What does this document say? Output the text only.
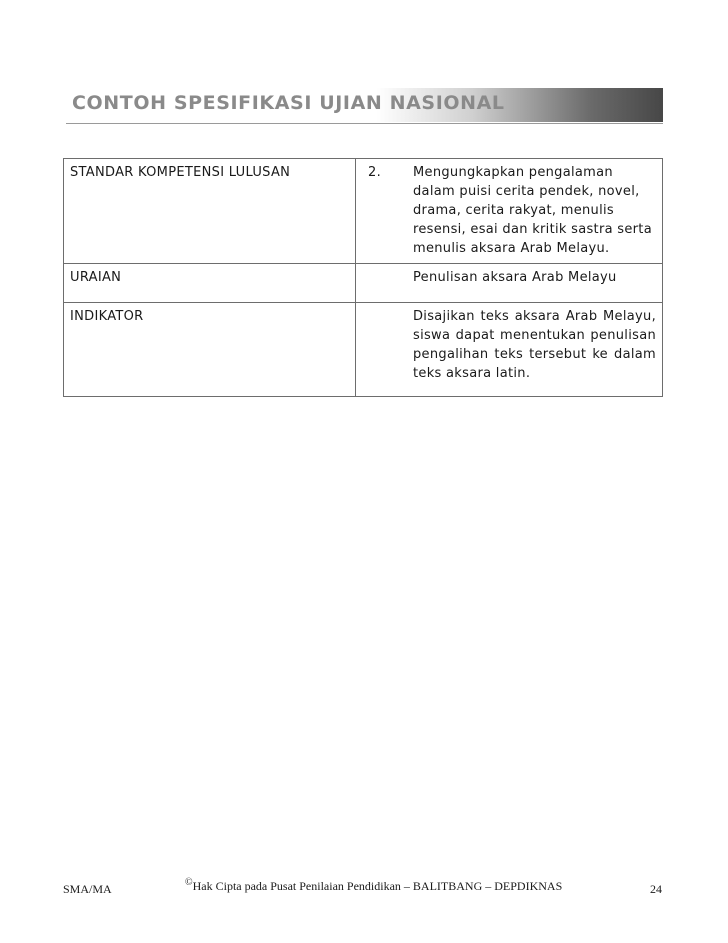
CONTOH SPESIFIKASI UJIAN NASIONAL
STANDAR KOMPETENSI LULUSAN	2.	Mengungkapkan pengalaman dalam puisi cerita pendek, novel, drama, cerita rakyat, menulis resensi, esai dan kritik sastra serta menulis aksara Arab Melayu.
URAIAN		Penulisan aksara Arab Melayu
INDIKATOR		Disajikan teks aksara Arab Melayu, siswa dapat menentukan penulisan pengalihan teks tersebut ke dalam teks aksara latin.
SMA/MA	©Hak Cipta pada Pusat Penilaian Pendidikan – BALITBANG – DEPDIKNAS	24
